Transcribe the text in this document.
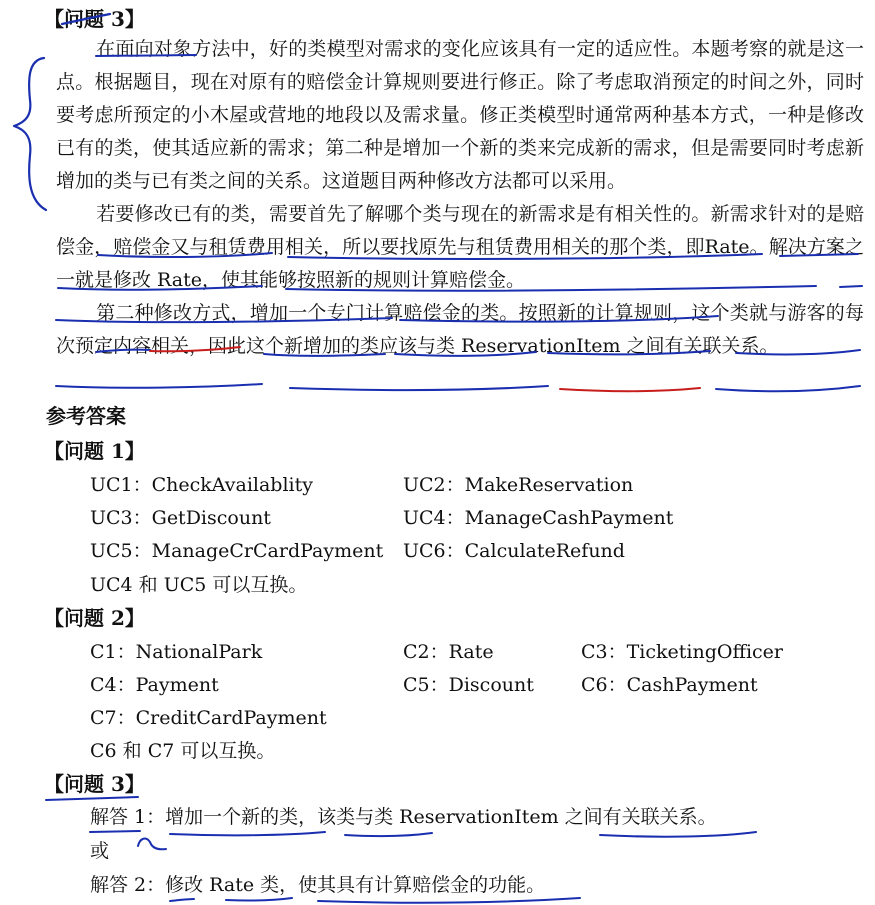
【问题 3】

在面向对象方法中，好的类模型对需求的变化应该具有一定的适应性。本题考察的就是这一点。根据题目，现在对原有的赔偿金计算规则要进行修正。除了考虑取消预定的时间之外，同时要考虑所预定的小木屋或营地的地段以及需求量。修正类模型时通常两种基本方式，一种是修改已有的类，使其适应新的需求；第二种是增加一个新的类来完成新的需求，但是需要同时考虑新增加的类与已有类之间的关系。这道题目两种修改方法都可以采用。

若要修改已有的类，需要首先了解哪个类与现在的新需求是有相关性的。新需求针对的是赔偿金，赔偿金又与租赁费用相关，所以要找原先与租赁费用相关的那个类，即Rate。解决方案之一就是修改 Rate，使其能够按照新的规则计算赔偿金。

第二种修改方式，增加一个专门计算赔偿金的类。按照新的计算规则，这个类就与游客的每次预定内容相关，因此这个新增加的类应该与类 ReservationItem 之间有关联关系。

参考答案
【问题 1】
UC1：CheckAvailablity	UC2：MakeReservation
UC3：GetDiscount	UC4：ManageCashPayment
UC5：ManageCrCardPayment UC6：CalculateRefund
UC4 和 UC5 可以互换。
【问题 2】
C1：NationalPark	C2：Rate	C3：TicketingOfficer
C4：Payment	C5：Discount C6：CashPayment
C7：CreditCardPayment
C6 和 C7 可以互换。
【问题 3】
解答 1：增加一个新的类，该类与类 ReservationItem 之间有关联关系。
或
解答 2：修改 Rate 类，使其具有计算赔偿金的功能。
